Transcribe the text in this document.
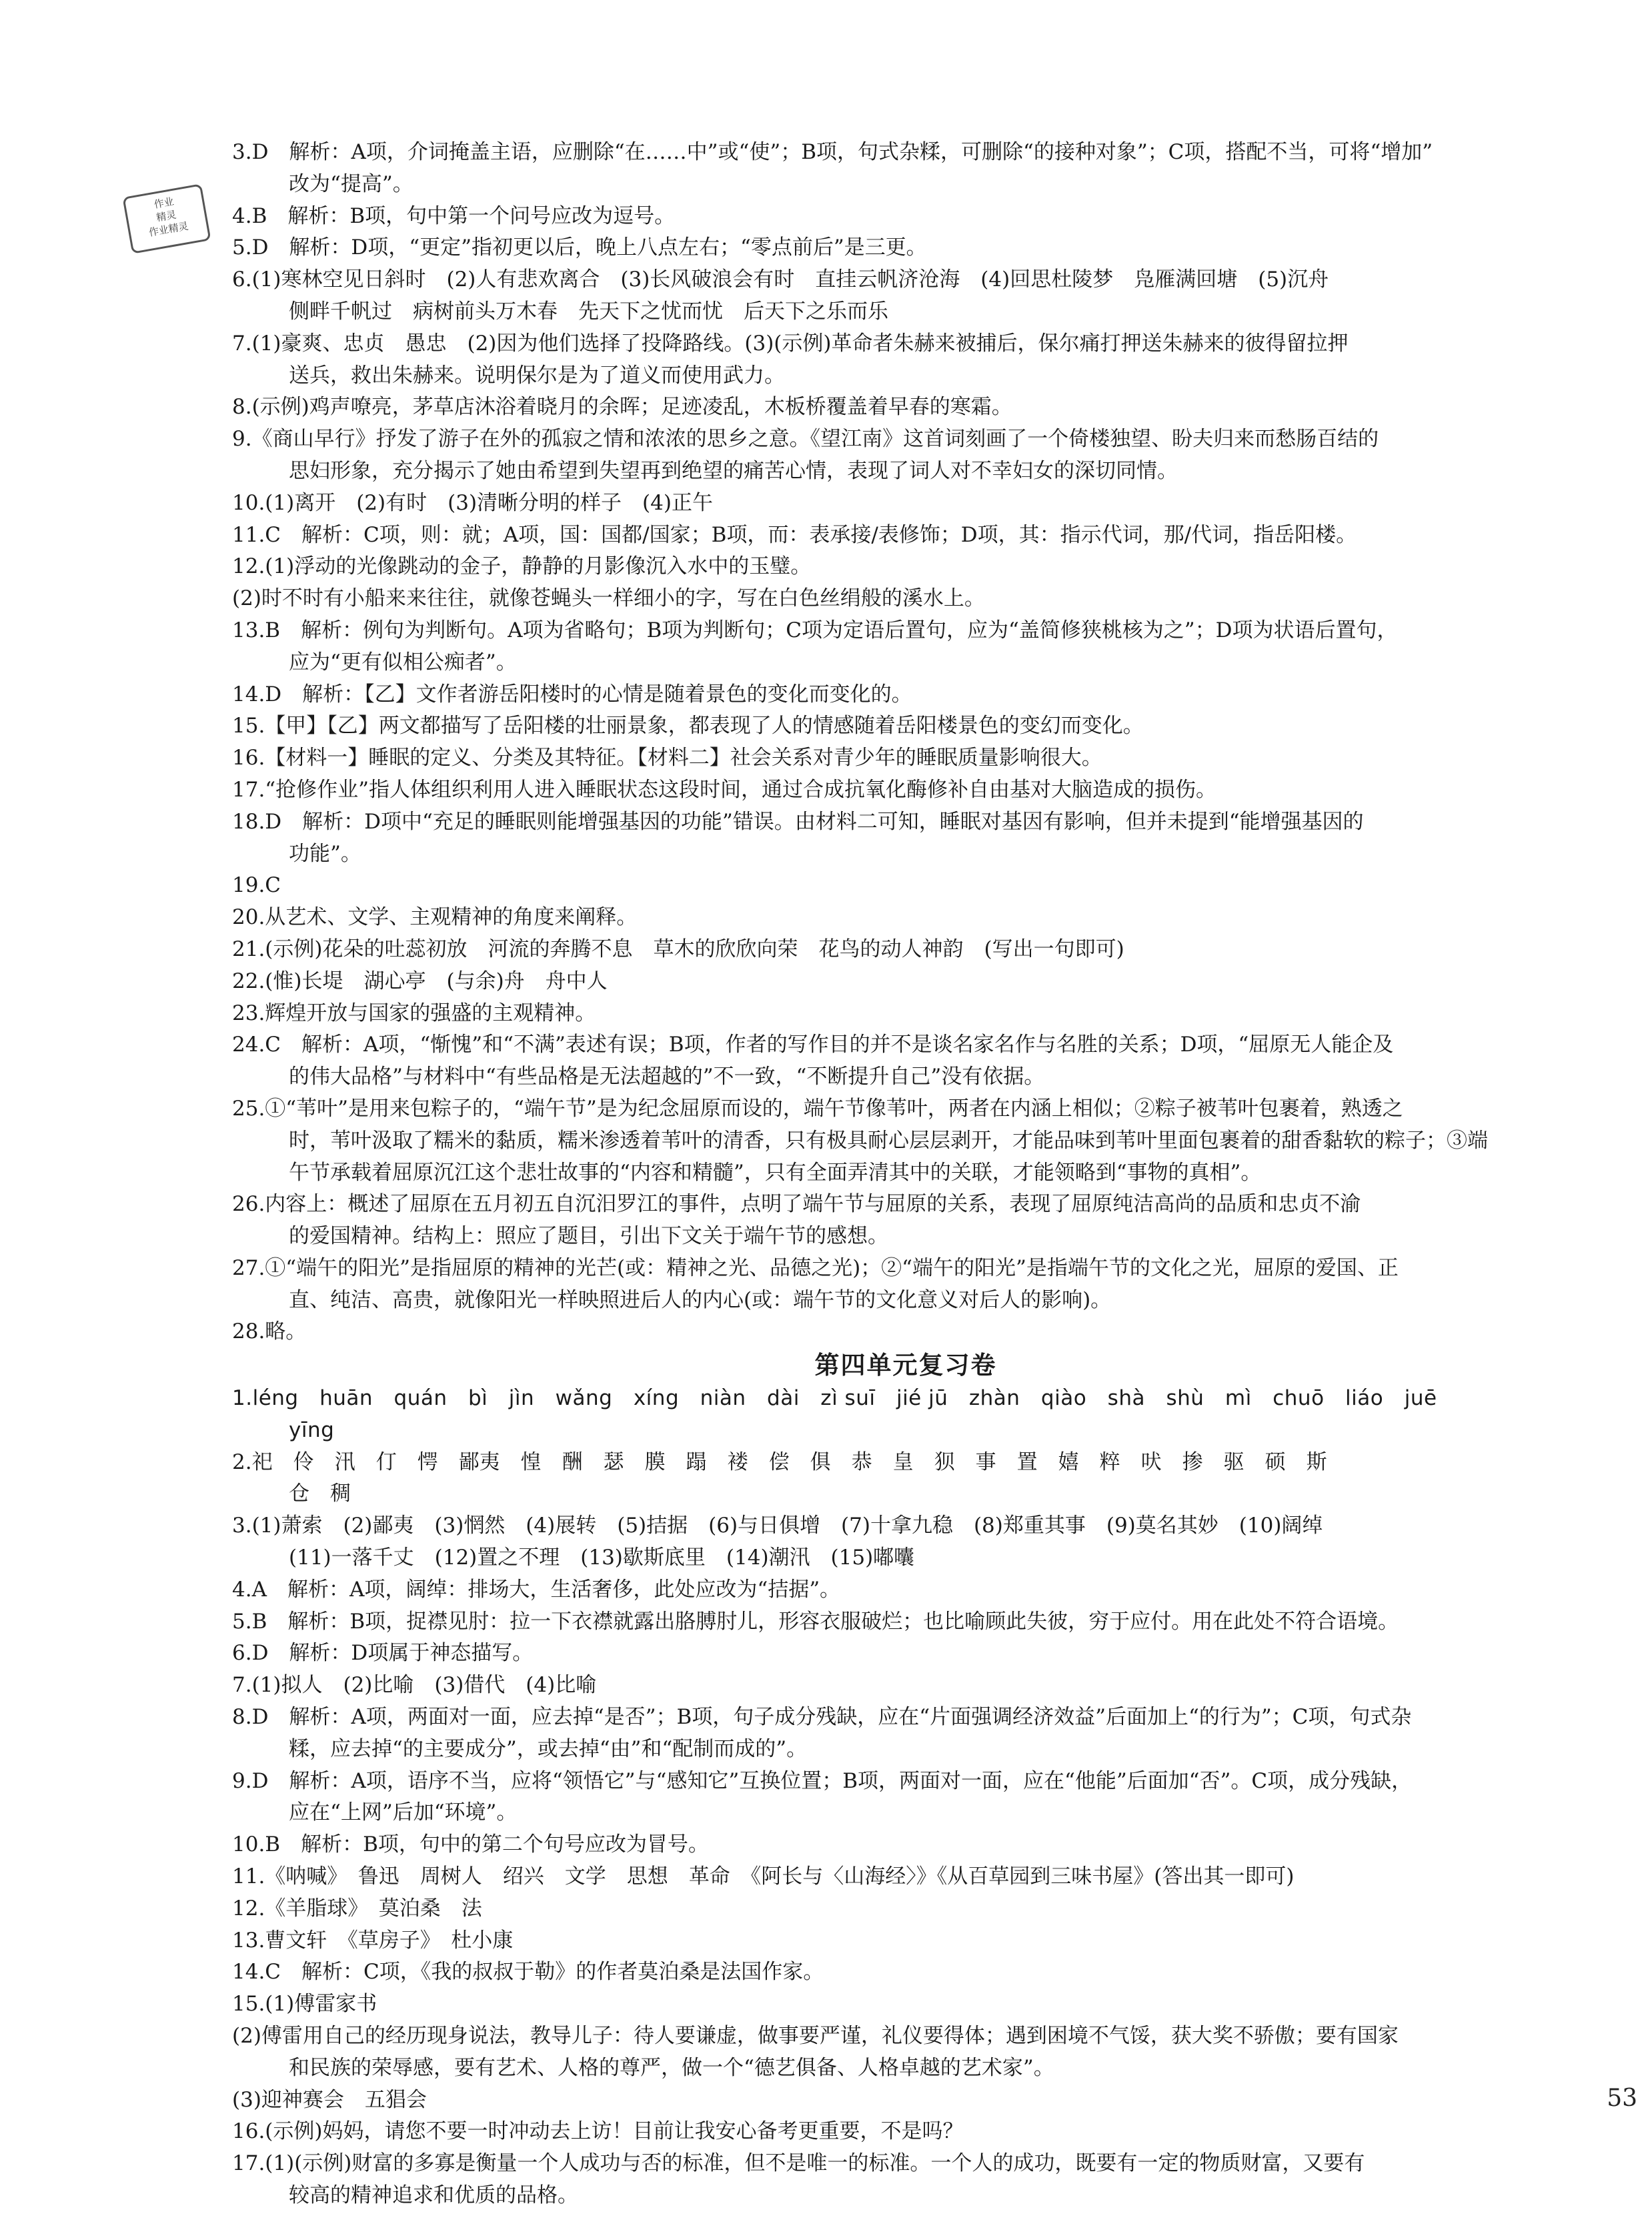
作业
精灵
作业精灵
3.D　解析：A项，介词掩盖主语，应删除“在……中”或“使”；B项，句式杂糅，可删除“的接种对象”；C项，搭配不当，可将“增加”
改为“提高”。
4.B　解析：B项，句中第一个问号应改为逗号。
5.D　解析：D项，“更定”指初更以后，晚上八点左右；“零点前后”是三更。
6.(1)寒林空见日斜时　(2)人有悲欢离合　(3)长风破浪会有时　直挂云帆济沧海　(4)回思杜陵梦　凫雁满回塘　(5)沉舟
侧畔千帆过　病树前头万木春　先天下之忧而忧　后天下之乐而乐
7.(1)豪爽、忠贞　愚忠　(2)因为他们选择了投降路线。(3)(示例)革命者朱赫来被捕后，保尔痛打押送朱赫来的彼得留拉押
送兵，救出朱赫来。说明保尔是为了道义而使用武力。
8.(示例)鸡声嘹亮，茅草店沐浴着晓月的余晖；足迹凌乱，木板桥覆盖着早春的寒霜。
9.《商山早行》抒发了游子在外的孤寂之情和浓浓的思乡之意。《望江南》这首词刻画了一个倚楼独望、盼夫归来而愁肠百结的
思妇形象，充分揭示了她由希望到失望再到绝望的痛苦心情，表现了词人对不幸妇女的深切同情。
10.(1)离开　(2)有时　(3)清晰分明的样子　(4)正午
11.C　解析：C项，则：就；A项，国：国都/国家；B项，而：表承接/表修饰；D项，其：指示代词，那/代词，指岳阳楼。
12.(1)浮动的光像跳动的金子，静静的月影像沉入水中的玉璧。
(2)时不时有小船来来往往，就像苍蝇头一样细小的字，写在白色丝绢般的溪水上。
13.B　解析：例句为判断句。A项为省略句；B项为判断句；C项为定语后置句，应为“盖简修狭桃核为之”；D项为状语后置句，
应为“更有似相公痴者”。
14.D　解析：【乙】文作者游岳阳楼时的心情是随着景色的变化而变化的。
15.【甲】【乙】两文都描写了岳阳楼的壮丽景象，都表现了人的情感随着岳阳楼景色的变幻而变化。
16.【材料一】睡眠的定义、分类及其特征。【材料二】社会关系对青少年的睡眠质量影响很大。
17.“抢修作业”指人体组织利用人进入睡眠状态这段时间，通过合成抗氧化酶修补自由基对大脑造成的损伤。
18.D　解析：D项中“充足的睡眠则能增强基因的功能”错误。由材料二可知，睡眠对基因有影响，但并未提到“能增强基因的
功能”。
19.C
20.从艺术、文学、主观精神的角度来阐释。
21.(示例)花朵的吐蕊初放　河流的奔腾不息　草木的欣欣向荣　花鸟的动人神韵　(写出一句即可)
22.(惟)长堤　湖心亭　(与余)舟　舟中人
23.辉煌开放与国家的强盛的主观精神。
24.C　解析：A项，“惭愧”和“不满”表述有误；B项，作者的写作目的并不是谈名家名作与名胜的关系；D项，“屈原无人能企及
的伟大品格”与材料中“有些品格是无法超越的”不一致，“不断提升自己”没有依据。
25.①“苇叶”是用来包粽子的，“端午节”是为纪念屈原而设的，端午节像苇叶，两者在内涵上相似；②粽子被苇叶包裹着，熟透之
时，苇叶汲取了糯米的黏质，糯米渗透着苇叶的清香，只有极具耐心层层剥开，才能品味到苇叶里面包裹着的甜香黏软的粽子；③端
午节承载着屈原沉江这个悲壮故事的“内容和精髓”，只有全面弄清其中的关联，才能领略到“事物的真相”。
26.内容上：概述了屈原在五月初五自沉汨罗江的事件，点明了端午节与屈原的关系，表现了屈原纯洁高尚的品质和忠贞不渝
的爱国精神。结构上：照应了题目，引出下文关于端午节的感想。
27.①“端午的阳光”是指屈原的精神的光芒(或：精神之光、品德之光)；②“端午的阳光”是指端午节的文化之光，屈原的爱国、正
直、纯洁、高贵，就像阳光一样映照进后人的内心(或：端午节的文化意义对后人的影响)。
28.略。
第四单元复习卷
1.léng　huān　quán　bì　jìn　wǎng　xíng　niàn　dài　zì suī　jié jū　zhàn　qiào　shà　shù　mì　chuō　liáo　juē
yīng
2.祀　伶　汛　仃　愕　鄙夷　惶　酬　瑟　膜　蹋　褛　偿　俱　恭　皇　狈　事　置　嬉　粹　吠　掺　驱　硕　斯
仓　稠
3.(1)萧索　(2)鄙夷　(3)惘然　(4)展转　(5)拮据　(6)与日俱增　(7)十拿九稳　(8)郑重其事　(9)莫名其妙　(10)阔绰
(11)一落千丈　(12)置之不理　(13)歇斯底里　(14)潮汛　(15)嘟囔
4.A　解析：A项，阔绰：排场大，生活奢侈，此处应改为“拮据”。
5.B　解析：B项，捉襟见肘：拉一下衣襟就露出胳膊肘儿，形容衣服破烂；也比喻顾此失彼，穷于应付。用在此处不符合语境。
6.D　解析：D项属于神态描写。
7.(1)拟人　(2)比喻　(3)借代　(4)比喻
8.D　解析：A项，两面对一面，应去掉“是否”；B项，句子成分残缺，应在“片面强调经济效益”后面加上“的行为”；C项，句式杂
糅，应去掉“的主要成分”，或去掉“由”和“配制而成的”。
9.D　解析：A项，语序不当，应将“领悟它”与“感知它”互换位置；B项，两面对一面，应在“他能”后面加“否”。C项，成分残缺，
应在“上网”后加“环境”。
10.B　解析：B项，句中的第二个句号应改为冒号。
11.《呐喊》　鲁迅　周树人　绍兴　文学　思想　革命　《阿长与〈山海经〉》《从百草园到三味书屋》(答出其一即可)
12.《羊脂球》　莫泊桑　法
13.曹文轩　《草房子》　杜小康
14.C　解析：C项，《我的叔叔于勒》的作者莫泊桑是法国作家。
15.(1)傅雷家书
(2)傅雷用自己的经历现身说法，教导儿子：待人要谦虚，做事要严谨，礼仪要得体；遇到困境不气馁，获大奖不骄傲；要有国家
和民族的荣辱感，要有艺术、人格的尊严，做一个“德艺俱备、人格卓越的艺术家”。
(3)迎神赛会　五猖会
16.(示例)妈妈，请您不要一时冲动去上访！目前让我安心备考更重要，不是吗？
17.(1)(示例)财富的多寡是衡量一个人成功与否的标准，但不是唯一的标准。一个人的成功，既要有一定的物质财富，又要有
较高的精神追求和优质的品格。
53
